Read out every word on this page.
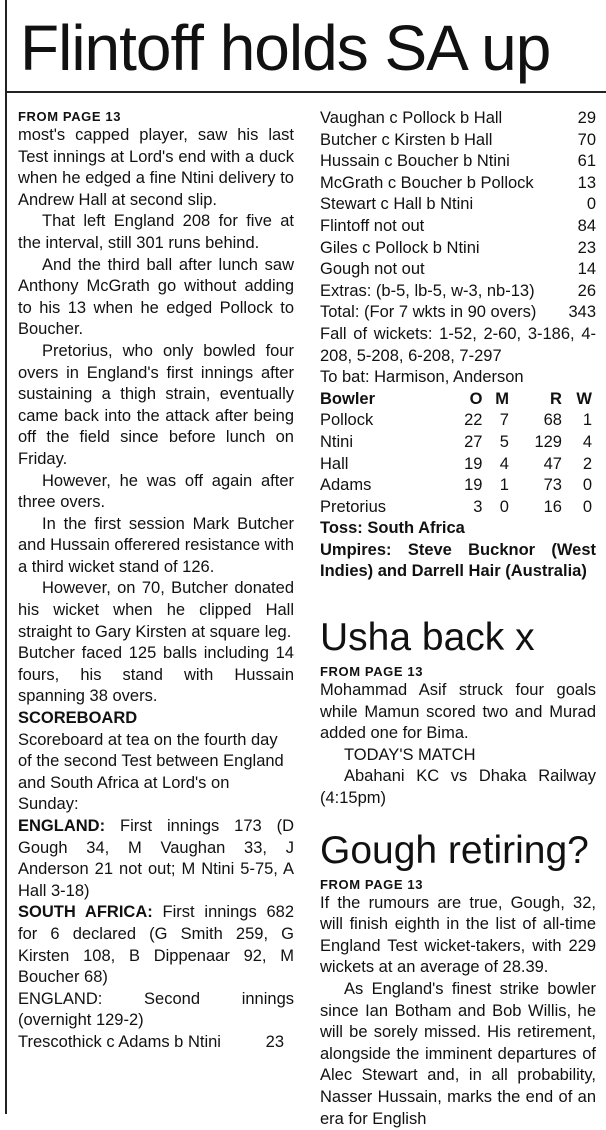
Flintoff holds SA up

FROM PAGE 13

most's capped player, saw his last Test innings at Lord's end with a duck when he edged a fine Ntini delivery to Andrew Hall at second slip.

That left England 208 for five at the interval, still 301 runs behind.

And the third ball after lunch saw Anthony McGrath go without adding to his 13 when he edged Pollock to Boucher.

Pretorius, who only bowled four overs in England's first innings after sustaining a thigh strain, eventually came back into the attack after being off the field since before lunch on Friday.

However, he was off again after three overs.

In the first session Mark Butcher and Hussain offerered resistance with a third wicket stand of 126.

However, on 70, Butcher donated his wicket when he clipped Hall straight to Gary Kirsten at square leg.

Butcher faced 125 balls including 14 fours, his stand with Hussain spanning 38 overs.

SCOREBOARD

Scoreboard at tea on the fourth day of the second Test between England and South Africa at Lord's on Sunday:

ENGLAND: First innings 173 (D Gough 34, M Vaughan 33, J Anderson 21 not out; M Ntini 5-75, A Hall 3-18)

SOUTH AFRICA: First innings 682 for 6 declared (G Smith 259, G Kirsten 108, B Dippenaar 92, M Boucher 68)

ENGLAND: Second innings (overnight 129-2)

Trescothick c Adams b Ntini	23

Vaughan c Pollock b Hall	29

Butcher c Kirsten b Hall	70

Hussain c Boucher b Ntini	61

McGrath c Boucher b Pollock	13

Stewart c Hall b Ntini	0

Flintoff not out	84

Giles c Pollock b Ntini	23

Gough not out	14

Extras: (b-5, lb-5, w-3, nb-13)	26

Total: (For 7 wkts in 90 overs) 343

Fall of wickets: 1-52, 2-60, 3-186, 4-208, 5-208, 6-208, 7-297

To bat: Harmison, Anderson

Bowler	O	M	R	W
Pollock	22	7	68	1
Ntini	27	5	129	4
Hall	19	4	47	2
Adams	19	1	73	0
Pretorius	3	0	16	0

Toss: South Africa

Umpires: Steve Bucknor (West Indies) and Darrell Hair (Australia)

Usha back x

FROM PAGE 13

Mohammad Asif struck four goals while Mamun scored two and Murad added one for Bima.

TODAY'S MATCH

Abahani KC vs Dhaka Railway (4:15pm)

Gough retiring?

FROM PAGE 13

If the rumours are true, Gough, 32, will finish eighth in the list of all-time England Test wicket-takers, with 229 wickets at an average of 28.39.

As England's finest strike bowler since Ian Botham and Bob Willis, he will be sorely missed. His retirement, alongside the imminent departures of Alec Stewart and, in all probability, Nasser Hussain, marks the end of an era for English
